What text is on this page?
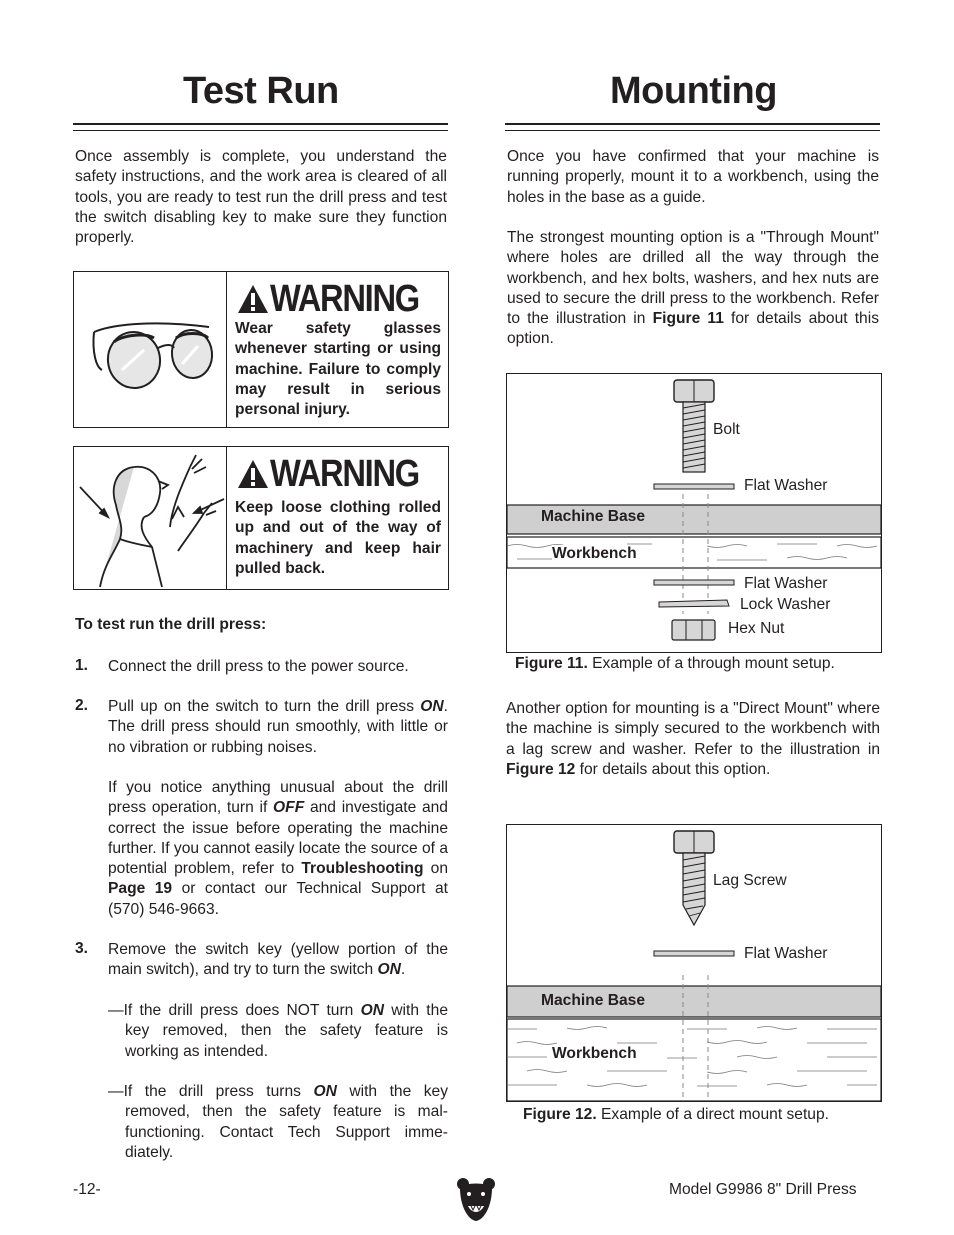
Test Run

Once assembly is complete, you understand the safety instructions, and the work area is cleared of all tools, you are ready to test run the drill press and test the switch disabling key to make sure they function properly.

WARNING
Wear safety glasses whenever starting or using machine. Failure to comply may result in serious personal injury.
WARNING
Keep loose clothing rolled up and out of the way of machinery and keep hair pulled back.
To test run the drill press:
1. Connect the drill press to the power source.
2. Pull up on the switch to turn the drill press ON. The drill press should run smoothly, with little or no vibration or rubbing noises.
If you notice anything unusual about the drill press operation, turn if OFF and investigate and correct the issue before operating the machine further. If you cannot easily locate the source of a potential problem, refer to Troubleshooting on Page 19 or contact our Technical Support at (570) 546-9663.
3. Remove the switch key (yellow portion of the main switch), and try to turn the switch ON.
—If the drill press does NOT turn ON with the key removed, then the safety feature is working as intended.
—If the drill press turns ON with the key removed, then the safety feature is mal-functioning. Contact Tech Support imme-diately.
Mounting

Once you have confirmed that your machine is running properly, mount it to a workbench, using the holes in the base as a guide.

The strongest mounting option is a "Through Mount" where holes are drilled all the way through the workbench, and hex bolts, washers, and hex nuts are used to secure the drill press to the workbench. Refer to the illustration in Figure 11 for details about this option.

Bolt
Flat Washer
Machine Base
Workbench
Flat Washer
Lock Washer
Hex Nut
Figure 11. Example of a through mount setup.

Another option for mounting is a "Direct Mount" where the machine is simply secured to the workbench with a lag screw and washer. Refer to the illustration in Figure 12 for details about this option.

Lag Screw
Flat Washer
Machine Base
Workbench
Figure 12. Example of a direct mount setup.
-12-	Model G9986 8" Drill Press
